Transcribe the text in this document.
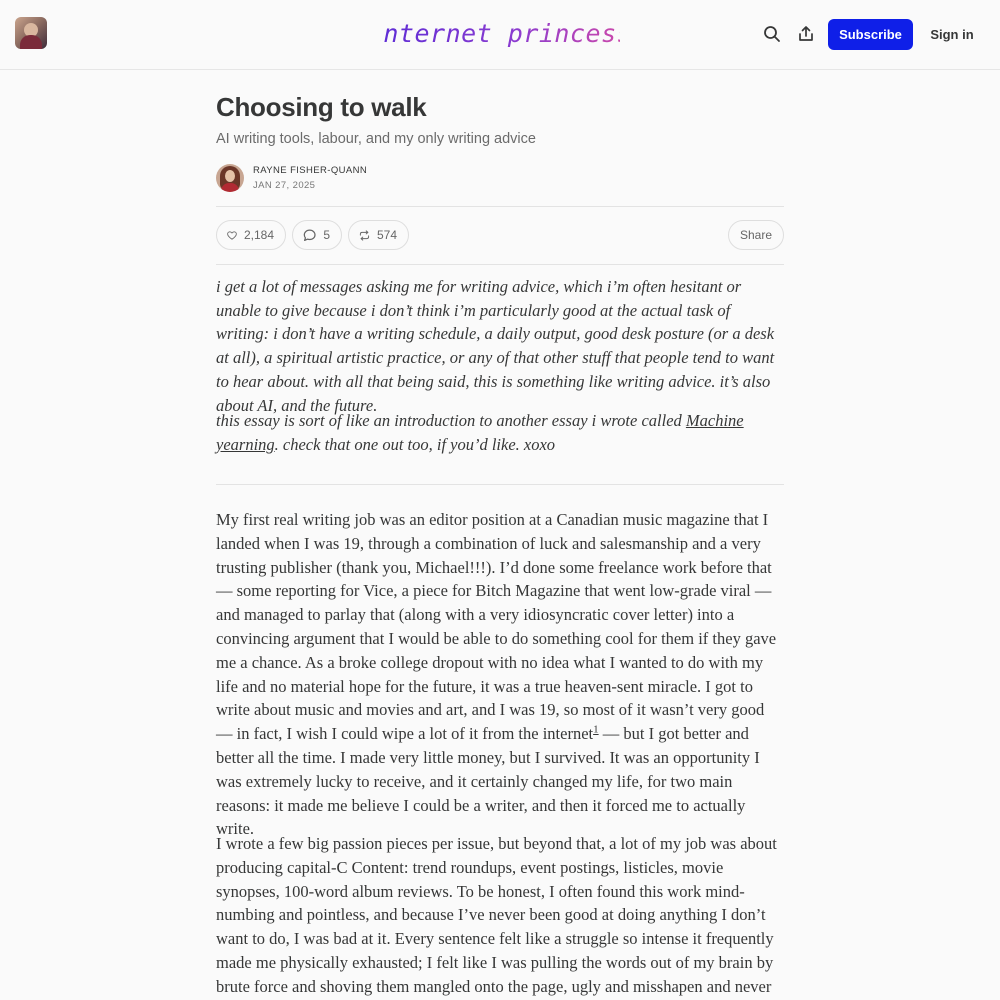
internet princess	Subscribe	Sign in
Choosing to walk
AI writing tools, labour, and my only writing advice
RAYNE FISHER-QUANN
JAN 27, 2025
2,184	5	574	Share

i get a lot of messages asking me for writing advice, which i’m often hesitant or unable to give because i don’t think i’m particularly good at the actual task of writing: i don’t have a writing schedule, a daily output, good desk posture (or a desk at all), a spiritual artistic practice, or any of that other stuff that people tend to want to hear about. with all that being said, this is something like writing advice. it’s also about AI, and the future.

this essay is sort of like an introduction to another essay i wrote called Machine yearning. check that one out too, if you’d like. xoxo

My first real writing job was an editor position at a Canadian music magazine that I landed when I was 19, through a combination of luck and salesmanship and a very trusting publisher (thank you, Michael!!!). I’d done some freelance work before that — some reporting for Vice, a piece for Bitch Magazine that went low-grade viral — and managed to parlay that (along with a very idiosyncratic cover letter) into a convincing argument that I would be able to do something cool for them if they gave me a chance. As a broke college dropout with no idea what I wanted to do with my life and no material hope for the future, it was a true heaven-sent miracle. I got to write about music and movies and art, and I was 19, so most of it wasn’t very good — in fact, I wish I could wipe a lot of it from the internet$^1$ — but I got better and better all the time. I made very little money, but I survived. It was an opportunity I was extremely lucky to receive, and it certainly changed my life, for two main reasons: it made me believe I could be a writer, and then it forced me to actually write.

I wrote a few big passion pieces per issue, but beyond that, a lot of my job was about producing capital-C Content: trend roundups, event postings, listicles, movie synopses, 100-word album reviews. To be honest, I often found this work mind-numbing and pointless, and because I’ve never been good at doing anything I don’t want to do, I was bad at it. Every sentence felt like a struggle so intense it frequently made me physically exhausted; I felt like I was pulling the words out of my brain by brute force and shoving them mangled onto the page, ugly and misshapen and never
